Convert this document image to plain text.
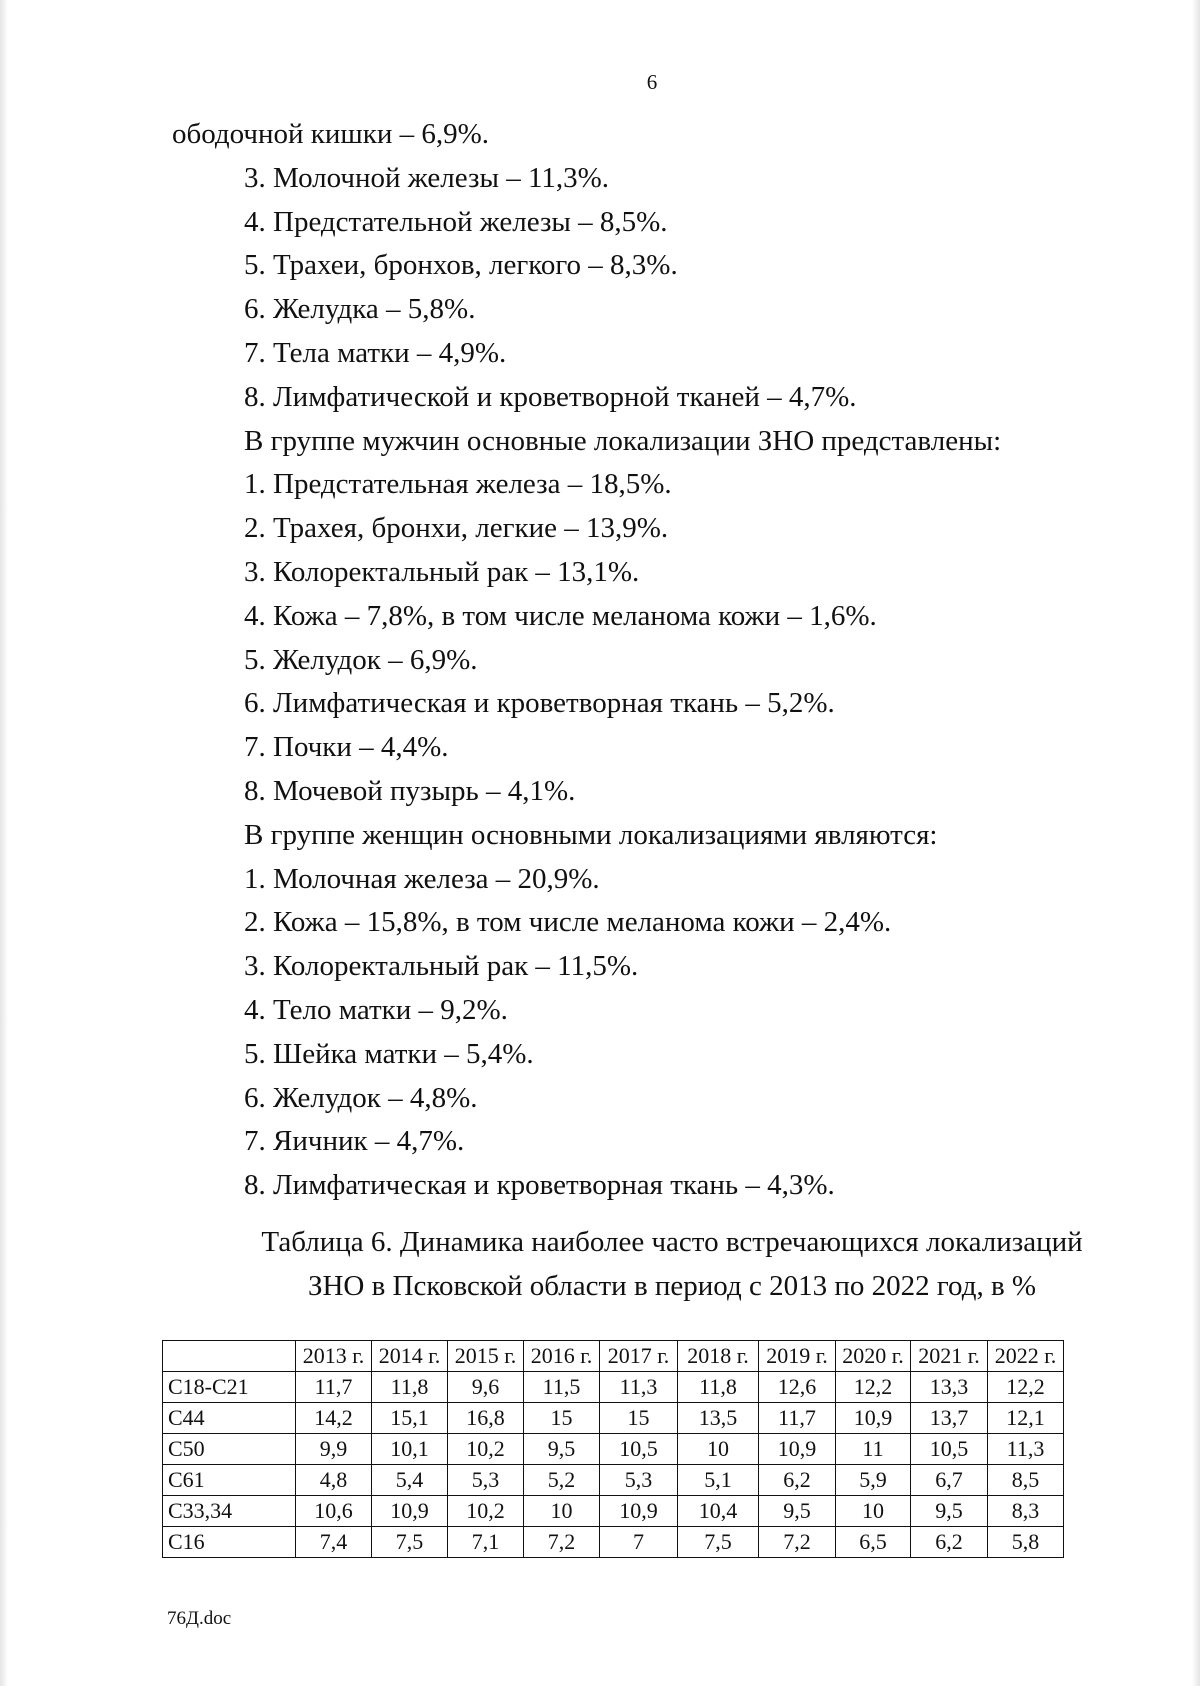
6
ободочной кишки – 6,9%.
3. Молочной железы – 11,3%.
4. Предстательной железы – 8,5%.
5. Трахеи, бронхов, легкого – 8,3%.
6. Желудка – 5,8%.
7. Тела матки – 4,9%.
8. Лимфатической и кроветворной тканей – 4,7%.
В группе мужчин основные локализации ЗНО представлены:
1. Предстательная железа – 18,5%.
2. Трахея, бронхи, легкие – 13,9%.
3. Колоректальный рак – 13,1%.
4. Кожа – 7,8%, в том числе меланома кожи – 1,6%.
5. Желудок – 6,9%.
6. Лимфатическая и кроветворная ткань – 5,2%.
7. Почки – 4,4%.
8. Мочевой пузырь – 4,1%.
В группе женщин основными локализациями являются:
1. Молочная железа – 20,9%.
2. Кожа – 15,8%, в том числе меланома кожи – 2,4%.
3. Колоректальный рак – 11,5%.
4. Тело матки – 9,2%.
5. Шейка матки – 5,4%.
6. Желудок – 4,8%.
7. Яичник – 4,7%.
8. Лимфатическая и кроветворная ткань – 4,3%.
Таблица 6. Динамика наиболее часто встречающихся локализаций
ЗНО в Псковской области в период с 2013 по 2022 год, в %
	2013 г.	2014 г.	2015 г.	2016 г.	2017 г.	2018 г.	2019 г.	2020 г.	2021 г.	2022 г.
C18-C21	11,7	11,8	9,6	11,5	11,3	11,8	12,6	12,2	13,3	12,2
C44	14,2	15,1	16,8	15	15	13,5	11,7	10,9	13,7	12,1
C50	9,9	10,1	10,2	9,5	10,5	10	10,9	11	10,5	11,3
C61	4,8	5,4	5,3	5,2	5,3	5,1	6,2	5,9	6,7	8,5
C33,34	10,6	10,9	10,2	10	10,9	10,4	9,5	10	9,5	8,3
C16	7,4	7,5	7,1	7,2	7	7,5	7,2	6,5	6,2	5,8
76Д.doc
